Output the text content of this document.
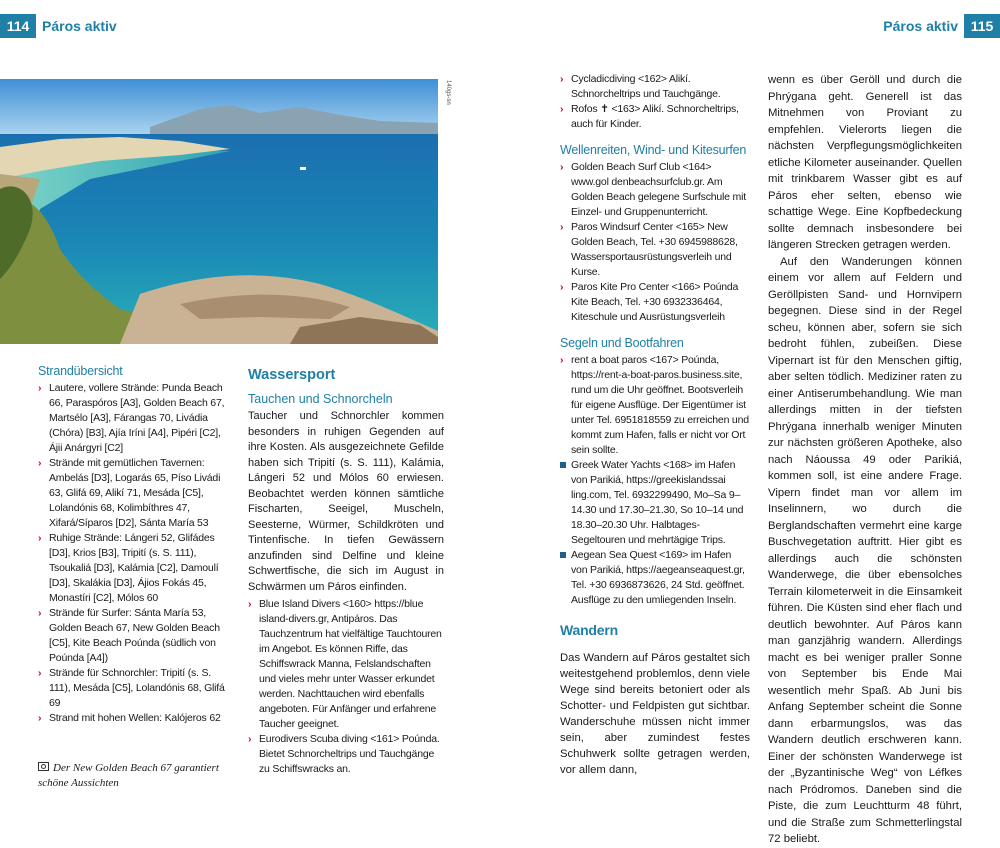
114 Páros aktiv
140gs-sn
Strandübersicht
› Lautere, vollere Strände: Punda Beach 66, Paraspóros [A3], Golden Beach 67, Martsélo [A3], Fárangas 70, Livádia (Chóra) [B3], Ajía Iríni [A4], Pipéri [C2], Ájii Anárgyri [C2]
› Strände mit gemütlichen Tavernen: Ambelás [D3], Logarás 65, Píso Livádi 63, Glifá 69, Alikí 71, Mesáda [C5], Lolandónis 68, Kolimbíthres 47, Xifará/Síparos [D2], Sánta María 53
› Ruhige Strände: Lángeri 52, Glifádes [D3], Krios [B3], Tripití (s. S. 111), Tsoukaliá [D3], Kalámia [C2], Damoulí [D3], Skalákia [D3], Ájios Fokás 45, Monastíri [C2], Mólos 60
› Strände für Surfer: Sánta María 53, Golden Beach 67, New Golden Beach [C5], Kite Beach Poúnda (südlich von Poúnda [A4])
› Strände für Schnorchler: Tripití (s. S. 111), Mesáda [C5], Lolandónis 68, Glifá 69
› Strand mit hohen Wellen: Kalójeros 62
Der New Golden Beach 67 garantiert schöne Aussichten
Wassersport
Tauchen und Schnorcheln

Taucher und Schnorchler kommen besonders in ruhigen Gegenden auf ihre Kosten. Als ausgezeichnete Gefilde haben sich Tripití (s. S. 111), Kalámia, Lángeri 52 und Mólos 60 erwiesen. Beobachtet werden können sämtliche Fischarten, Seeigel, Muscheln, Seesterne, Würmer, Schildkröten und Tintenfische. In tiefen Gewässern anzufinden sind Delfine und kleine Schwertfische, die sich im August in Schwärmen um Páros einfinden.

› Blue Island Divers <160> https://blue island-divers.gr, Antipáros. Das Tauchzentrum hat vielfältige Tauchtouren im Angebot. Es können Riffe, das Schiffswrack Manna, Felslandschaften und vieles mehr unter Wasser erkundet werden. Nachttauchen wird ebenfalls angeboten. Für Anfänger und erfahrene Taucher geeignet.
› Eurodivers Scuba diving <161> Poúnda. Bietet Schnorcheltrips und Tauchgänge zu Schiffswracks an.
115
Páros aktiv
› Cycladicdiving <162> Alikí. Schnorcheltrips und Tauchgänge.
› Rofos ✝ <163> Alikí. Schnorcheltrips, auch für Kinder.
Wellenreiten, Wind- und Kitesurfen
› Golden Beach Surf Club <164> www.gol denbeachsurfclub.gr. Am Golden Beach gelegene Surfschule mit Einzel- und Gruppenunterricht.
› Paros Windsurf Center <165> New Golden Beach, Tel. +30 6945988628, Wassersportausrüstungsverleih und Kurse.
› Paros Kite Pro Center <166> Poúnda Kite Beach, Tel. +30 6932336464, Kiteschule und Ausrüstungsverleih
Segeln und Bootfahren
› rent a boat paros <167> Poúnda, https://rent-a-boat-paros.business.site, rund um die Uhr geöffnet. Bootsverleih für eigene Ausflüge. Der Eigentümer ist unter Tel. 6951818559 zu erreichen und kommt zum Hafen, falls er nicht vor Ort sein sollte.
Greek Water Yachts <168> im Hafen von Parikiá, https://greekislandssai ling.com, Tel. 6932299490, Mo–Sa 9–14.30 und 17.30–21.30, So 10–14 und 18.30–20.30 Uhr. Halbtages-Segeltouren und mehrtägige Trips.
Aegean Sea Quest <169> im Hafen von Parikiá, https://aegeanseaquest.gr, Tel. +30 6936873626, 24 Std. geöffnet. Ausflüge zu den umliegenden Inseln.
Wandern

Das Wandern auf Páros gestaltet sich weitestgehend problemlos, denn viele Wege sind bereits betoniert oder als Schotter- und Feldpisten gut sichtbar. Wanderschuhe müssen nicht immer sein, aber zumindest festes Schuhwerk sollte getragen werden, vor allem dann,

wenn es über Geröll und durch die Phrýgana geht. Generell ist das Mitnehmen von Proviant zu empfehlen. Vielerorts liegen die nächsten Verpflegungsmöglichkeiten etliche Kilometer auseinander. Quellen mit trinkbarem Wasser gibt es auf Páros eher selten, ebenso wie schattige Wege. Eine Kopfbedeckung sollte demnach insbesondere bei längeren Strecken getragen werden.

Auf den Wanderungen können einem vor allem auf Feldern und Geröllpisten Sand- und Hornvipern begegnen. Diese sind in der Regel scheu, können aber, sofern sie sich bedroht fühlen, zubeißen. Diese Vipernart ist für den Menschen giftig, aber selten tödlich. Mediziner raten zu einer Antiserumbehandlung. Wie man allerdings mitten in der tiefsten Phrýgana innerhalb weniger Minuten zur nächsten größeren Apotheke, also nach Náoussa 49 oder Parikiá, kommen soll, ist eine andere Frage. Vipern findet man vor allem im Inselinnern, wo durch die Berglandschaften vermehrt eine karge Buschvegetation auftritt. Hier gibt es allerdings auch die schönsten Wanderwege, die über ebensolches Terrain kilometerweit in die Einsamkeit führen. Die Küsten sind eher flach und deutlich bewohnter. Auf Páros kann man ganzjährig wandern. Allerdings macht es bei weniger praller Sonne von September bis Ende Mai wesentlich mehr Spaß. Ab Juni bis Anfang September scheint die Sonne dann erbarmungslos, was das Wandern deutlich erschweren kann. Einer der schönsten Wanderwege ist der „Byzantinische Weg“ von Léfkes nach Pródromos. Daneben sind die Piste, die zum Leuchtturm 48 führt, und die Straße zum Schmetterlingstal 72 beliebt.
